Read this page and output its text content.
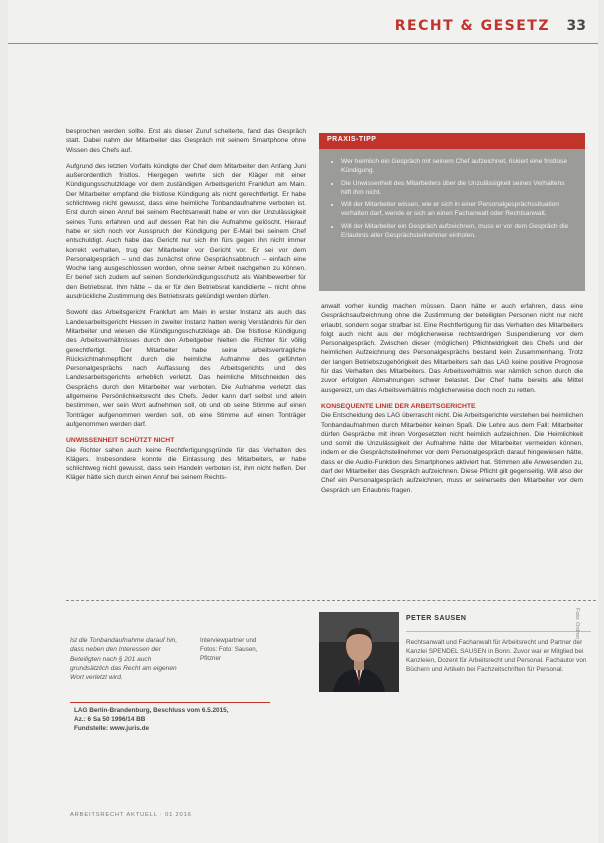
RECHT & GESETZ 33

besprochen werden sollte. Erst als dieser Zuruf scheiterte, fand das Gespräch statt. Dabei nahm der Mitarbeiter das Gespräch mit seinem Smartphone ohne Wissen des Chefs auf.

Aufgrund des letzten Vorfalls kündigte der Chef dem Mitarbeiter den Anfang Juni außerordentlich fristlos. Hiergegen wehrte sich der Kläger mit einer Kündigungsschutzklage vor dem zuständigen Arbeitsgericht Frankfurt am Main. Der Mitarbeiter empfand die fristlose Kündigung als nicht gerechtfertigt. Er habe schlichtweg nicht gewusst, dass eine heimliche Tonbandaufnahme verboten ist. Erst durch einen Anruf bei seinem Rechtsanwalt habe er von der Unzulässigkeit seines Tuns erfahren und auf dessen Rat hin die Aufnahme gelöscht. Hierauf habe er sich noch vor Ausspruch der Kündigung per E-Mail bei seinem Chef entschuldigt. Auch habe das Gericht nur sich ihn fürs gegen ihn nicht immer korrekt verhalten, trug der Mitarbeiter vor Gericht vor. Er sei vor dem Personalgespräch – und das zunächst ohne Gesprächsabbruch – einfach eine Woche lang ausgeschlossen worden, ohne seiner Arbeit nachgehen zu können. Er berief sich zudem auf seinen Sonderkündigungsschutz als Wahlbewerber für den Betriebsrat. Ihm hätte – da er für den Betriebsrat kandidierte – nicht ohne ausdrückliche Zustimmung des Betriebsrats gekündigt werden dürfen.

Sowohl das Arbeitsgericht Frankfurt am Main in erster Instanz als auch das Landesarbeitsgericht Hessen in zweiter Instanz hatten wenig Verständnis für den Mitarbeiter und wiesen die Kündigungsschutzklage ab. Die fristlose Kündigung des Arbeitsverhältnisses durch den Arbeitgeber hielten die Richter für völlig gerechtfertigt. Der Mitarbeiter habe seine arbeitsvertragliche Rücksichtnahmepflicht durch die heimliche Aufnahme des geführten Personalgesprächs nach Auffassung des Arbeitsgerichts und des Landesarbeitsgerichts erheblich verletzt. Das heimliche Mitschneiden des Gesprächs durch den Mitarbeiter war verboten. Die Aufnahme verletzt das allgemeine Persönlichkeitsrecht des Chefs. Jeder kann darf selbst und allein bestimmen, wer sein Wort aufnehmen soll, ob und ob seine Stimme auf einen Tonträger aufgenommen werden soll, ob eine Stimme auf einen Tonträger aufgenommen werden darf.

UNWISSENHEIT SCHÜTZT NICHT

Die Richter sahen auch keine Rechtfertigungsgründe für das Verhalten des Klägers. Insbesondere konnte die Einlassung des Mitarbeiters, er habe schlichtweg nicht gewusst, dass sein Handeln verboten ist, ihm nicht helfen. Der Kläger hätte sich durch einen Anruf bei seinem Rechts-

PRAXIS-TIPP
• Wer heimlich ein Gespräch mit seinem Chef aufzeichnet, riskiert eine fristlose Kündigung.
• Die Unwissenheit des Mitarbeiters über die Unzulässigkeit seines Verhaltens hilft ihm nicht.
• Will der Mitarbeiter wissen, wie er sich in einer Personalgesprächssituation verhalten darf, wende er sich an einen Fachanwalt oder Rechtsanwalt.
• Will der Mitarbeiter ein Gespräch aufzeichnen, muss er vor dem Gespräch die Erlaubnis aller Gesprächsteilnehmer einholen.

anwalt vorher kundig machen müssen. Dann hätte er auch erfahren, dass eine Gesprächsaufzeichnung ohne die Zustimmung der beteiligten Personen nicht nur nicht erlaubt, sondern sogar strafbar ist. Eine Rechtfertigung für das Verhalten des Mitarbeiters folgt auch nicht aus der möglicherweise rechtswidrigen Suspendierung vor dem Personalgespräch. Zwischen dieser (möglichen) Pflichtwidrigkeit des Chefs und der heimlichen Aufzeichnung des Personalgesprächs bestand kein Zusammenhang. Trotz der langen Betriebszugehörigkeit des Mitarbeiters sah das LAG keine positive Prognose für das Verhalten des Mitarbeiters. Das Arbeitsverhältnis war nämlich schon durch die zuvor erfolgten Abmahnungen schwer belastet. Der Chef hatte bereits alle Mittel ausgereizt, um das Arbeitsverhältnis möglicherweise doch noch zu retten.

KONSEQUENTE LINIE DER ARBEITSGERICHTE

Die Entscheidung des LAG überrascht nicht. Die Arbeitsgerichte verstehen bei heimlichen Tonbandaufnahmen durch Mitarbeiter keinen Spaß. Die Lehre aus dem Fall: Mitarbeiter dürfen Gespräche mit ihren Vorgesetzten nicht heimlich aufzeichnen. Die Heimlichkeit und somit die Unzulässigkeit der Aufnahme hätte der Mitarbeiter vermeiden können, indem er die Gesprächsteilnehmer vor dem Personalgespräch darauf hingewiesen hätte, dass er die Audio-Funktion des Smartphones aktiviert hat. Stimmen alle Anwesenden zu, darf der Mitarbeiter das Gespräch aufzeichnen. Diese Pflicht gilt gegenseitig. Will also der Chef ein Personalgespräch aufzeichnen, muss er seinerseits den Mitarbeiter vor dem Gespräch um Erlaubnis fragen.

Ist die Tonbandaufnahme darauf hin, dass neben den Interessen der Beteiligten nach § 201 auch grundsätzlich das Recht am eigenen Wort verletzt wird.
Interviewpartner und Fotos: Foto: Sausen, Pfitzner
LAG Berlin-Brandenburg, Beschluss vom 6.5.2015,
Az.: 6 Sa 50 1996/14 BB
Fundstelle: www.juris.de
PETER SAUSEN
Rechtsanwalt und Fachanwalt für Arbeitsrecht und Partner der Kanzlei SPENDEL SAUSEN in Bonn. Zuvor war er Mitglied bei Kanzleien, Dozent für Arbeitsrecht und Personal. Fachautor von Büchern und Artikeln bei Fachzeitschriften für Personal.
Foto: Ordner
ARBEITSRECHT AKTUELL · 01 2016
